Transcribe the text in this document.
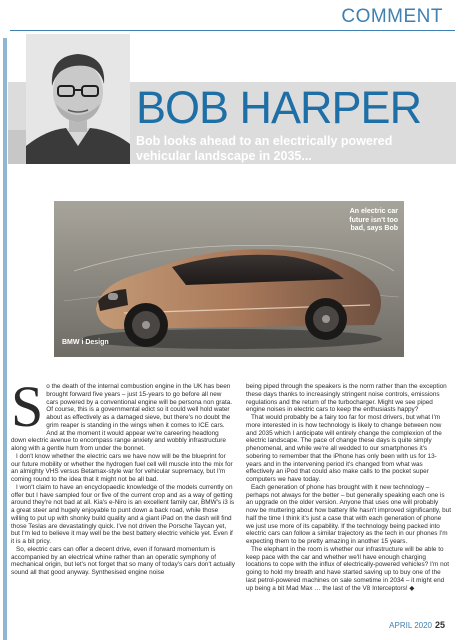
COMMENT
BOB HARPER
Bob looks ahead to an electrically powered vehicular landscape in 2035...
An electric car future isn't too bad, says Bob
BMW i Design

So the death of the internal combustion engine in the UK has been brought forward five years – just 15-years to go before all new cars powered by a conventional engine will be persona non grata. Of course, this is a governmental edict so it could well hold water about as effectively as a damaged sieve, but there's no doubt the grim reaper is standing in the wings when it comes to ICE cars. And at the moment it would appear we're careering headlong down electric avenue to encompass range anxiety and wobbly infrastructure along with a gentle hum from under the bonnet.

I don't know whether the electric cars we have now will be the blueprint for our future mobility or whether the hydrogen fuel cell will muscle into the mix for an almighty VHS versus Betamax-style war for vehicular supremacy, but I'm coming round to the idea that it might not be all bad.

I won't claim to have an encyclopaedic knowledge of the models currently on offer but I have sampled four or five of the current crop and as a way of getting around they're not bad at all. Kia's e-Niro is an excellent family car, BMW's i3 is a great steer and hugely enjoyable to punt down a back road, while those willing to put up with shonky build quality and a giant iPad on the dash will find those Teslas are devastatingly quick. I've not driven the Porsche Taycan yet, but I'm led to believe it may well be the best battery electric vehicle yet. Even if it is a bit pricy.

So, electric cars can offer a decent drive, even if forward momentum is accompanied by an electrical whine rather than an operatic symphony of mechanical origin, but let's not forget that so many of today's cars don't actually sound all that good anyway. Synthesised engine noise

being piped through the speakers is the norm rather than the exception these days thanks to increasingly stringent noise controls, emissions regulations and the return of the turbocharger. Might we see piped engine noises in electric cars to keep the enthusiasts happy?

That would probably be a fairy too far for most drivers, but what I'm more interested in is how technology is likely to change between now and 2035 which I anticipate will entirely change the complexion of the electric landscape. The pace of change these days is quite simply phenomenal, and while we're all wedded to our smartphones it's sobering to remember that the iPhone has only been with us for 13-years and in the intervening period it's changed from what was effectively an iPod that could also make calls to the pocket super computers we have today.

Each generation of phone has brought with it new technology – perhaps not always for the better – but generally speaking each one is an upgrade on the older version. Anyone that uses one will probably now be muttering about how battery life hasn't improved significantly, but half the time I think it's just a case that with each generation of phone we just use more of its capability. If the technology being packed into electric cars can follow a similar trajectory as the tech in our phones I'm expecting them to be pretty amazing in another 15 years.

The elephant in the room is whether our infrastructure will be able to keep pace with the car and whether we'll have enough charging locations to cope with the influx of electrically-powered vehicles? I'm not going to hold my breath and have started saving up to buy one of the last petrol-powered machines on sale sometime in 2034 – it might end up being a bit Mad Max … the last of the V8 Interceptors! ◆

APRIL 2020 25
